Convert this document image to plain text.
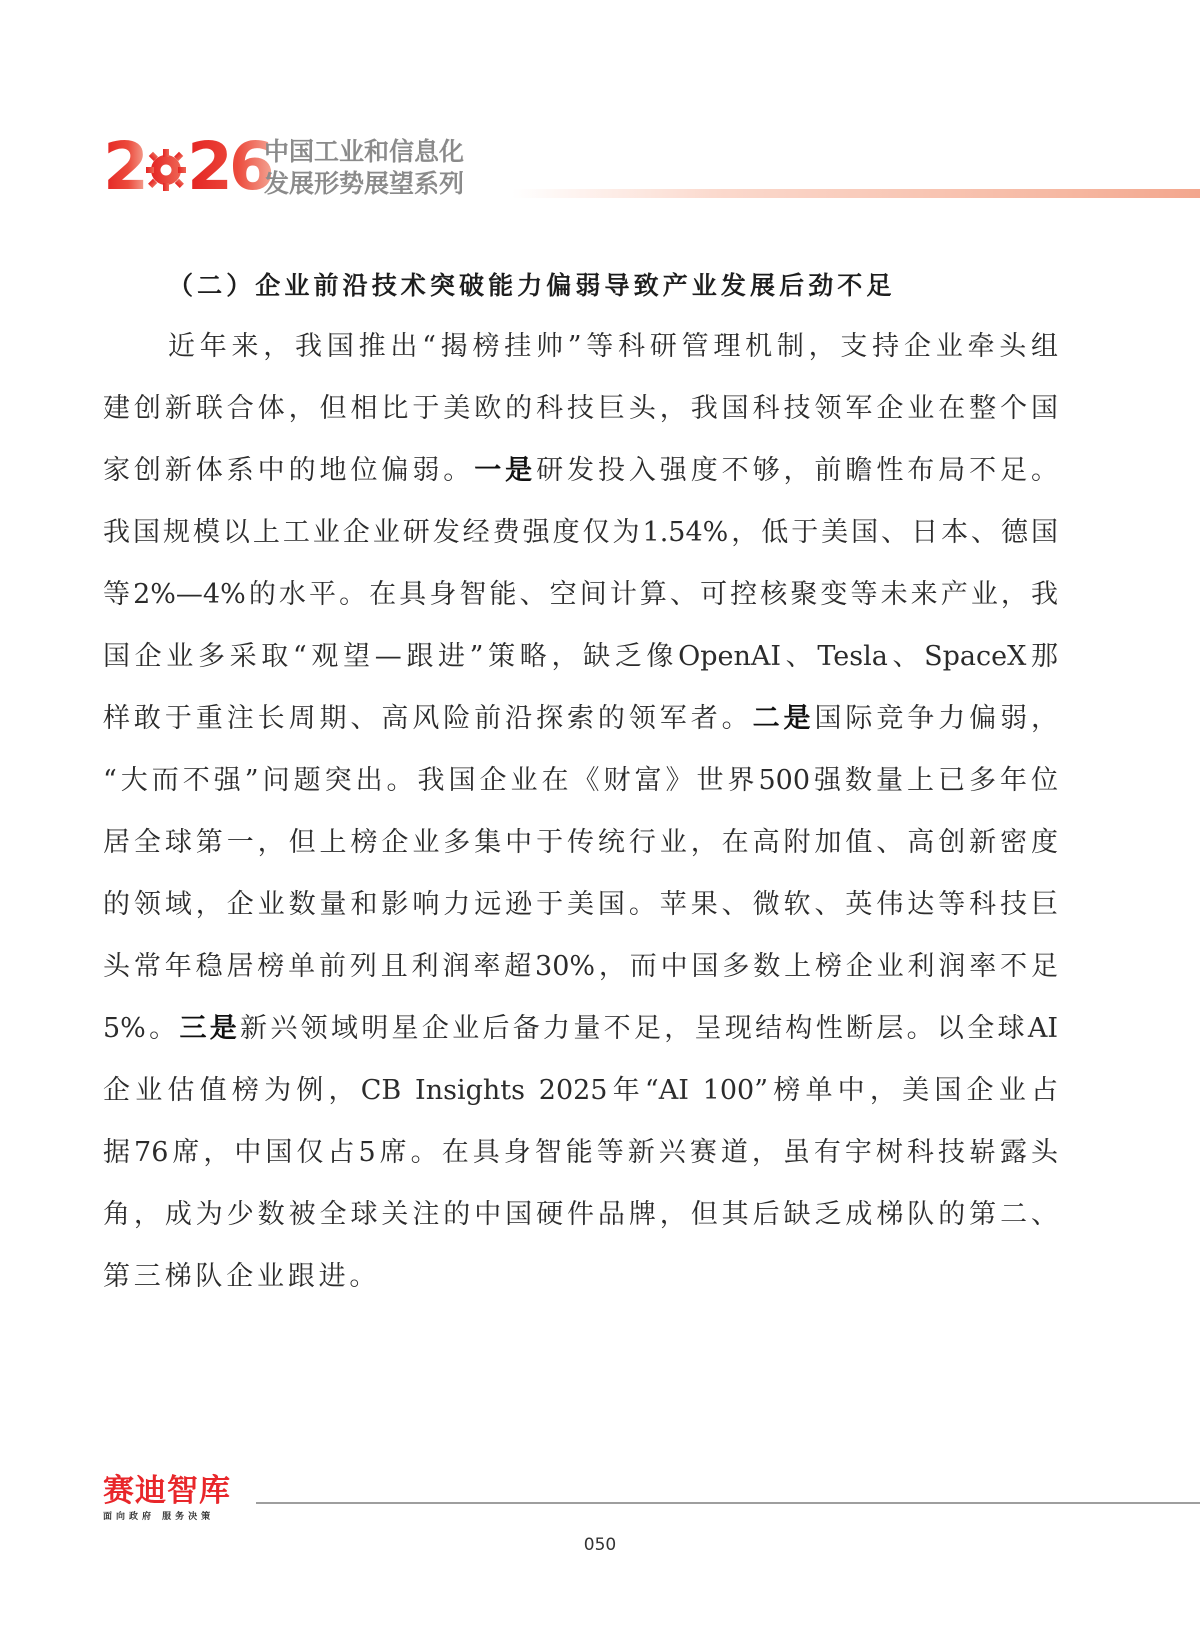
2 26
中国工业和信息化
发展形势展望系列
（二）企业前沿技术突破能力偏弱导致产业发展后劲不足
近年来，我国推出“揭榜挂帅”等科研管理机制，支持企业牵头组
建创新联合体，但相比于美欧的科技巨头，我国科技领军企业在整个国
家创新体系中的地位偏弱。一是研发投入强度不够，前瞻性布局不足。
我国规模以上工业企业研发经费强度仅为1.54%，低于美国、日本、德国
等2%—4%的水平。在具身智能、空间计算、可控核聚变等未来产业，我
国企业多采取“观望—跟进”策略，缺乏像OpenAI、Tesla、SpaceX那
样敢于重注长周期、高风险前沿探索的领军者。二是国际竞争力偏弱，
“大而不强”问题突出。我国企业在《财富》世界500强数量上已多年位
居全球第一，但上榜企业多集中于传统行业，在高附加值、高创新密度
的领域，企业数量和影响力远逊于美国。苹果、微软、英伟达等科技巨
头常年稳居榜单前列且利润率超30%，而中国多数上榜企业利润率不足
5%。三是新兴领域明星企业后备力量不足，呈现结构性断层。以全球AI
企业估值榜为例，CB Insights 2025年“AI 100”榜单中，美国企业占
据76席，中国仅占5席。在具身智能等新兴赛道，虽有宇树科技崭露头
角，成为少数被全球关注的中国硬件品牌，但其后缺乏成梯队的第二、
第三梯队企业跟进。
赛迪智库
面向政府 服务决策
050
